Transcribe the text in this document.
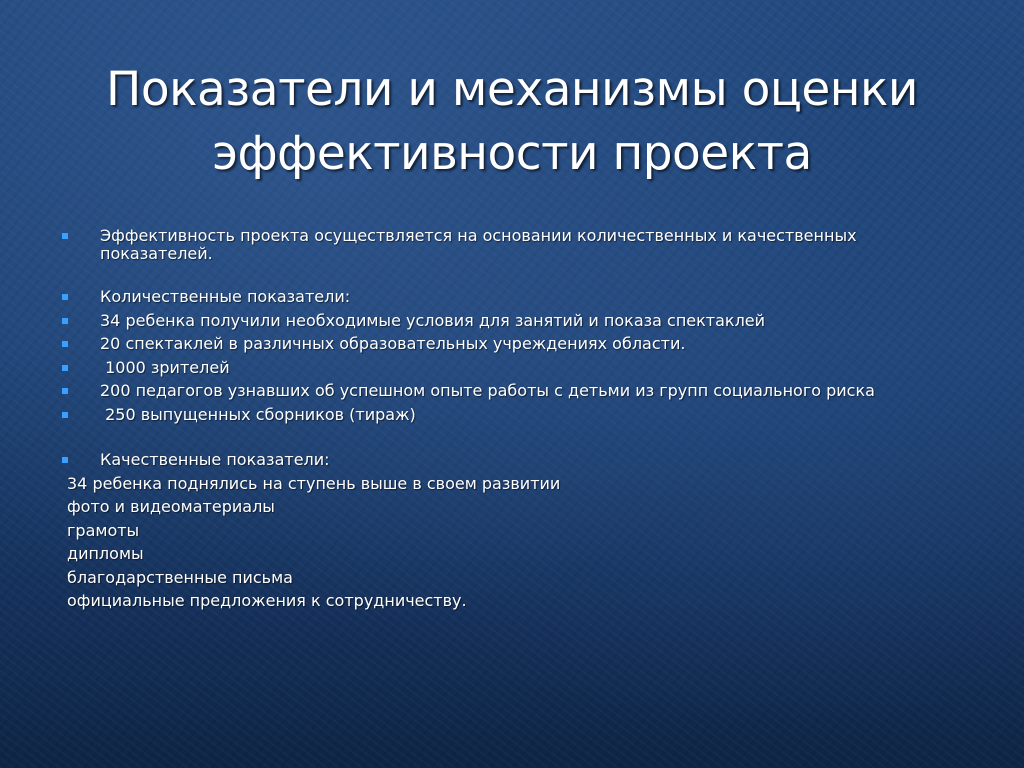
Показатели и механизмы оценки
эффективности проекта
Эффективность проекта осуществляется на основании количественных и качественных показателей.
Количественные показатели:
34 ребенка получили необходимые условия для занятий и показа спектаклей
20 спектаклей в различных образовательных учреждениях области.
1000 зрителей
200 педагогов узнавших об успешном опыте работы с детьми из групп социального риска
250 выпущенных сборников (тираж)
Качественные показатели:
34 ребенка поднялись на ступень выше в своем развитии
фото и видеоматериалы
грамоты
дипломы
благодарственные письма
официальные предложения к сотрудничеству.
